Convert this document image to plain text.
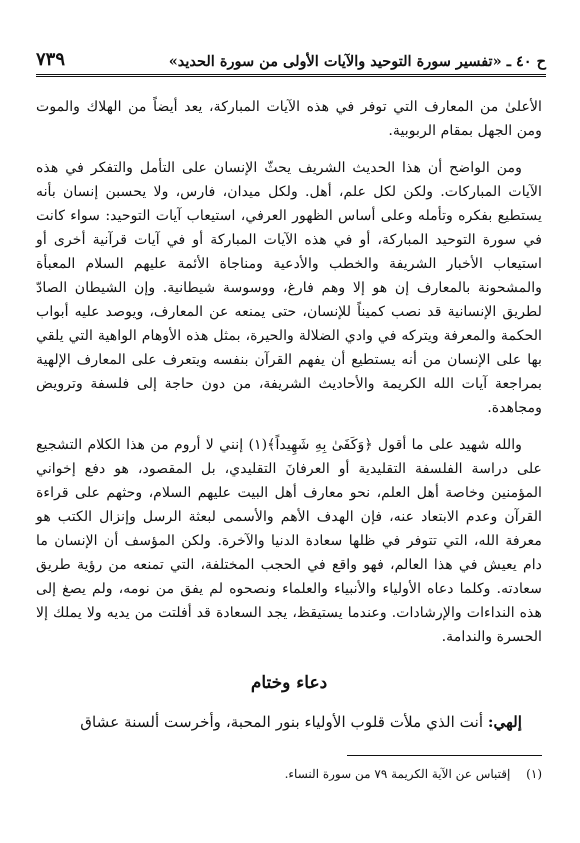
ح ٤٠ ـ «تفسير سورة التوحيد والآيات الأولى من سورة الحديد»
٧٣٩

الأعلىٰ من المعارف التي توفر في هذه الآيات المباركة، يعد أيضاً من الهلاك والموت ومن الجهل بمقام الربوبية.

ومن الواضح أن هذا الحديث الشريف يحثّ الإنسان على التأمل والتفكر في هذه الآيات المباركات. ولكن لكل علم، أهل. ولكل ميدان، فارس، ولا يحسبن إنسان بأنه يستطيع بفكره وتأمله وعلى أساس الظهور العرفي، استيعاب آيات التوحيد: سواء كانت في سورة التوحيد المباركة، أو في هذه الآيات المباركة أو في آيات قرآنية أخرى أو استيعاب الأخبار الشريفة والخطب والأدعية ومناجاة الأئمة عليهم السلام المعبأة والمشحونة بالمعارف إن هو إلا وهم فارغ، ووسوسة شيطانية. وإن الشيطان الصادّ لطريق الإنسانية قد نصب كميناً للإنسان، حتى يمنعه عن المعارف، ويوصد عليه أبواب الحكمة والمعرفة ويتركه في وادي الضلالة والحيرة، بمثل هذه الأوهام الواهية التي يلقي بها على الإنسان من أنه يستطيع أن يفهم القرآن بنفسه ويتعرف على المعارف الإلهية بمراجعة آيات الله الكريمة والأحاديث الشريفة، من دون حاجة إلى فلسفة وترويض ومجاهدة.

والله شهيد على ما أقول ﴿وَكَفَىٰ بِهِ شَهِيداً﴾(١) إنني لا أروم من هذا الكلام التشجيع على دراسة الفلسفة التقليدية أو العرفانَ التقليدي، بل المقصود، هو دفع إخواني المؤمنين وخاصة أهل العلم، نحو معارف أهل البيت عليهم السلام، وحثهم على قراءة القرآن وعدم الابتعاد عنه، فإن الهدف الأهم والأسمى لبعثة الرسل وإنزال الكتب هو معرفة الله، التي تتوفر في ظلها سعادة الدنيا والآخرة. ولكن المؤسف أن الإنسان ما دام يعيش في هذا العالم، فهو واقع في الحجب المختلفة، التي تمنعه من رؤية طريق سعادته. وكلما دعاه الأولياء والأنبياء والعلماء ونصحوه لم يفق من نومه، ولم يصغ إلى هذه النداءات والإرشادات. وعندما يستيقظ، يجد السعادة قد أفلتت من يديه ولا يملك إلا الحسرة والندامة.

دعاء وختام

إلهي: أنت الذي ملأت قلوب الأولياء بنور المحبة، وأخرست ألسنة عشاق

(١) إقتباس عن الآية الكريمة ٧٩ من سورة النساء.
